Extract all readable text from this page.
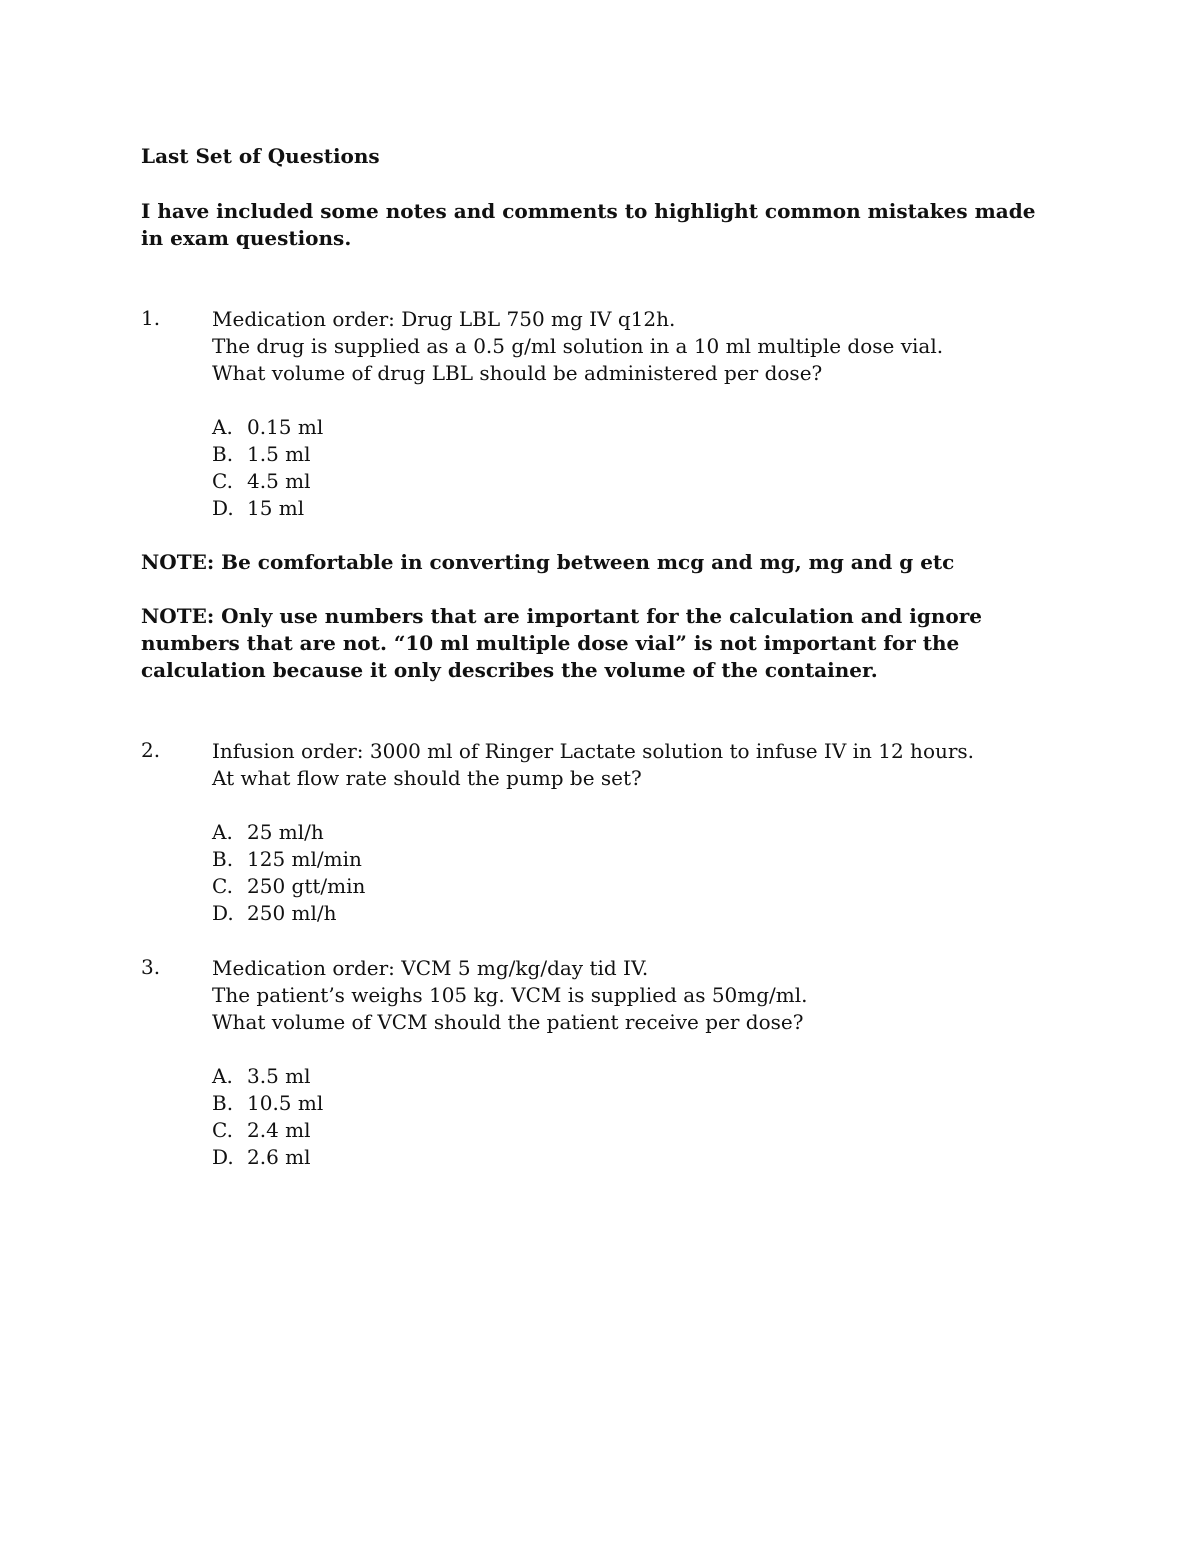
Last Set of Questions
I have included some notes and comments to highlight common mistakes made in exam questions.
1.	Medication order: Drug LBL 750 mg IV q12h.
The drug is supplied as a 0.5 g/ml solution in a 10 ml multiple dose vial.
What volume of drug LBL should be administered per dose?
A. 0.15 ml
B. 1.5 ml
C. 4.5 ml
D. 15 ml
NOTE: Be comfortable in converting between mcg and mg, mg and g etc
NOTE: Only use numbers that are important for the calculation and ignore numbers that are not. “10 ml multiple dose vial” is not important for the calculation because it only describes the volume of the container.
2.	Infusion order: 3000 ml of Ringer Lactate solution to infuse IV in 12 hours.
At what flow rate should the pump be set?
A. 25 ml/h
B. 125 ml/min
C. 250 gtt/min
D. 250 ml/h
3.	Medication order: VCM 5 mg/kg/day tid IV.
The patient’s weighs 105 kg. VCM is supplied as 50mg/ml.
What volume of VCM should the patient receive per dose?
A. 3.5 ml
B. 10.5 ml
C. 2.4 ml
D. 2.6 ml
